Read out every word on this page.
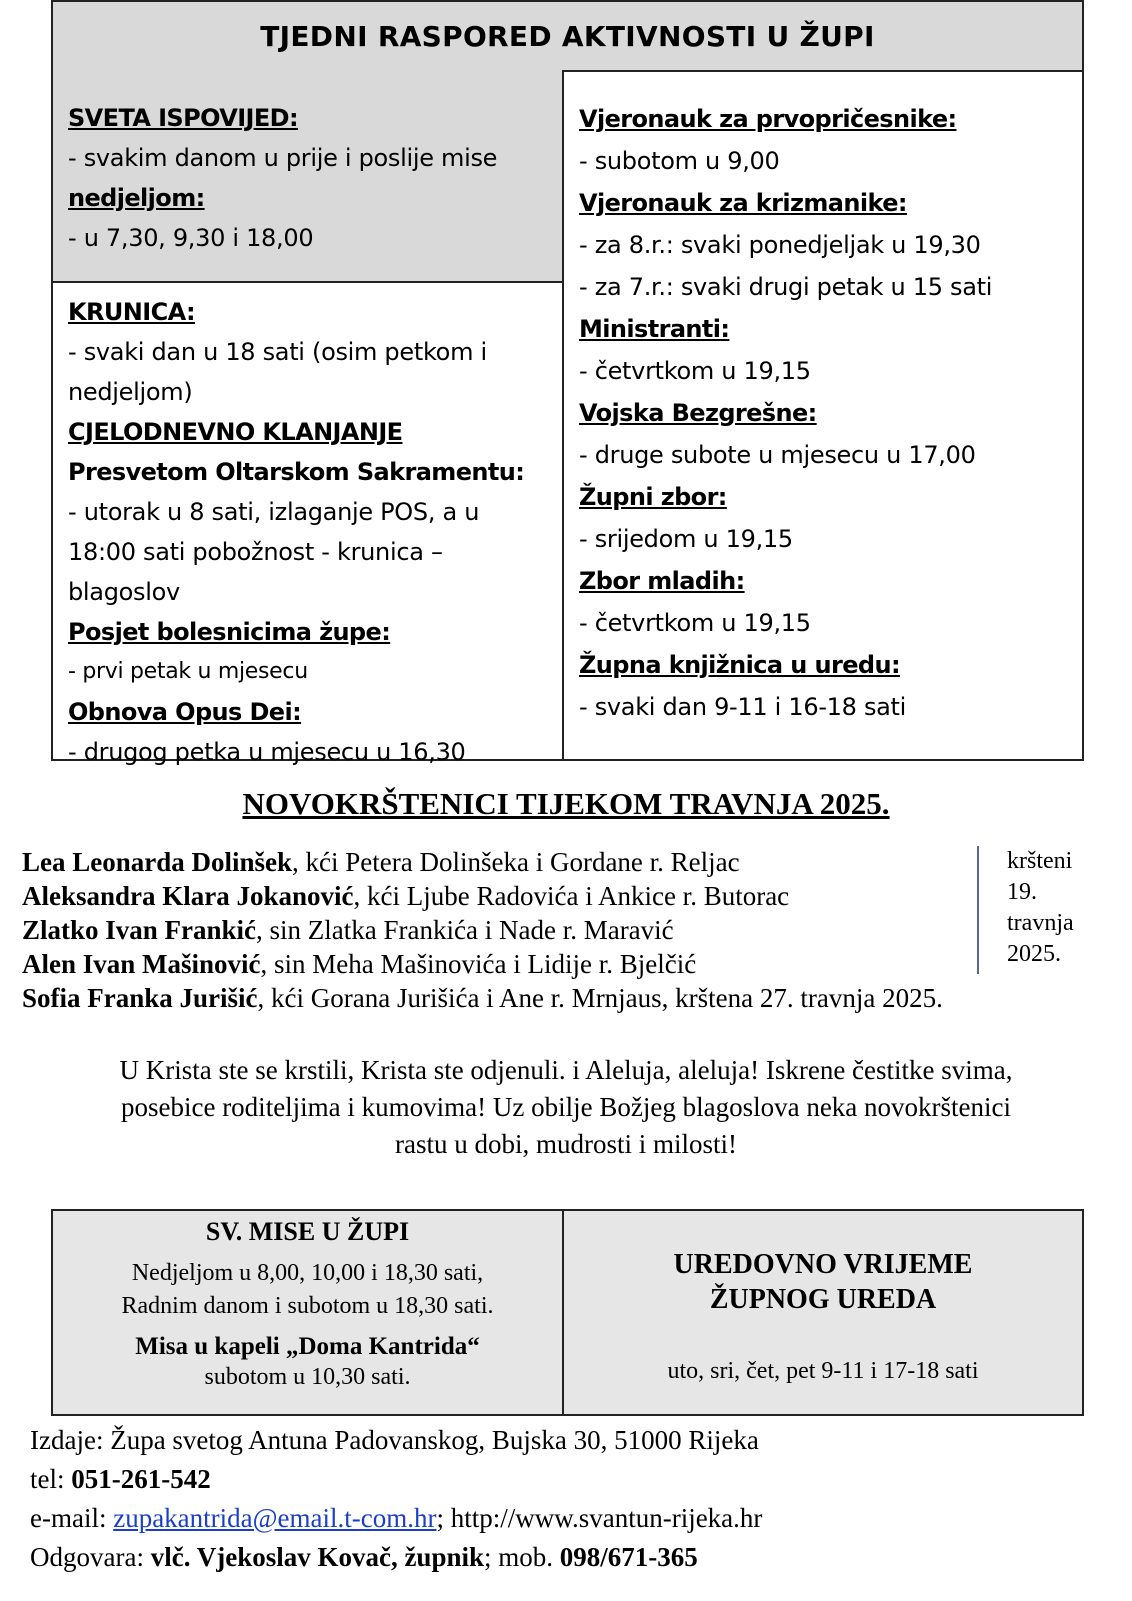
TJEDNI RASPORED AKTIVNOSTI U ŽUPI
SVETA ISPOVIJED:
- svakim danom u prije i poslije mise
nedjeljom:
- u 7,30, 9,30 i 18,00
KRUNICA:
- svaki dan u 18 sati (osim petkom i
nedjeljom)
CJELODNEVNO KLANJANJE
Presvetom Oltarskom Sakramentu:
- utorak u 8 sati, izlaganje POS, a u
18:00 sati pobožnost - krunica –
blagoslov
Posjet bolesnicima župe:
- prvi petak u mjesecu
Obnova Opus Dei:
- drugog petka u mjesecu u 16,30
Vjeronauk za prvopričesnike:
- subotom u 9,00
Vjeronauk za krizmanike:
- za 8.r.: svaki ponedjeljak u 19,30
- za 7.r.: svaki drugi petak u 15 sati
Ministranti:
- četvrtkom u 19,15
Vojska Bezgrešne:
- druge subote u mjesecu u 17,00
Župni zbor:
- srijedom u 19,15
Zbor mladih:
- četvrtkom u 19,15
Župna knjižnica u uredu:
- svaki dan 9-11 i 16-18 sati
NOVOKRŠTENICI TIJEKOM TRAVNJA 2025.
Lea Leonarda Dolinšek, kći Petera Dolinšeka i Gordane r. Reljac
Aleksandra Klara Jokanović, kći Ljube Radovića i Ankice r. Butorac
Zlatko Ivan Frankić, sin Zlatka Frankića i Nade r. Maravić
Alen Ivan Mašinović, sin Meha Mašinovića i Lidije r. Bjelčić
Sofia Franka Jurišić, kći Gorana Jurišića i Ane r. Mrnjaus, krštena 27. travnja 2025.
kršteni
19.
travnja
2025.
U Krista ste se krstili, Krista ste odjenuli. i Aleluja, aleluja! Iskrene čestitke svima,
posebice roditeljima i kumovima! Uz obilje Božjeg blagoslova neka novokrštenici
rastu u dobi, mudrosti i milosti!
SV. MISE U ŽUPI
Nedjeljom u 8,00, 10,00 i 18,30 sati,
Radnim danom i subotom u 18,30 sati.
Misa u kapeli „Doma Kantrida“
subotom u 10,30 sati.
UREDOVNO VRIJEME
ŽUPNOG UREDA
uto, sri, čet, pet 9-11 i 17-18 sati
Izdaje: Župa svetog Antuna Padovanskog, Bujska 30, 51000 Rijeka
tel: 051-261-542
e-mail: zupakantrida@email.t-com.hr; http://www.svantun-rijeka.hr
Odgovara: vlč. Vjekoslav Kovač, župnik; mob. 098/671-365
